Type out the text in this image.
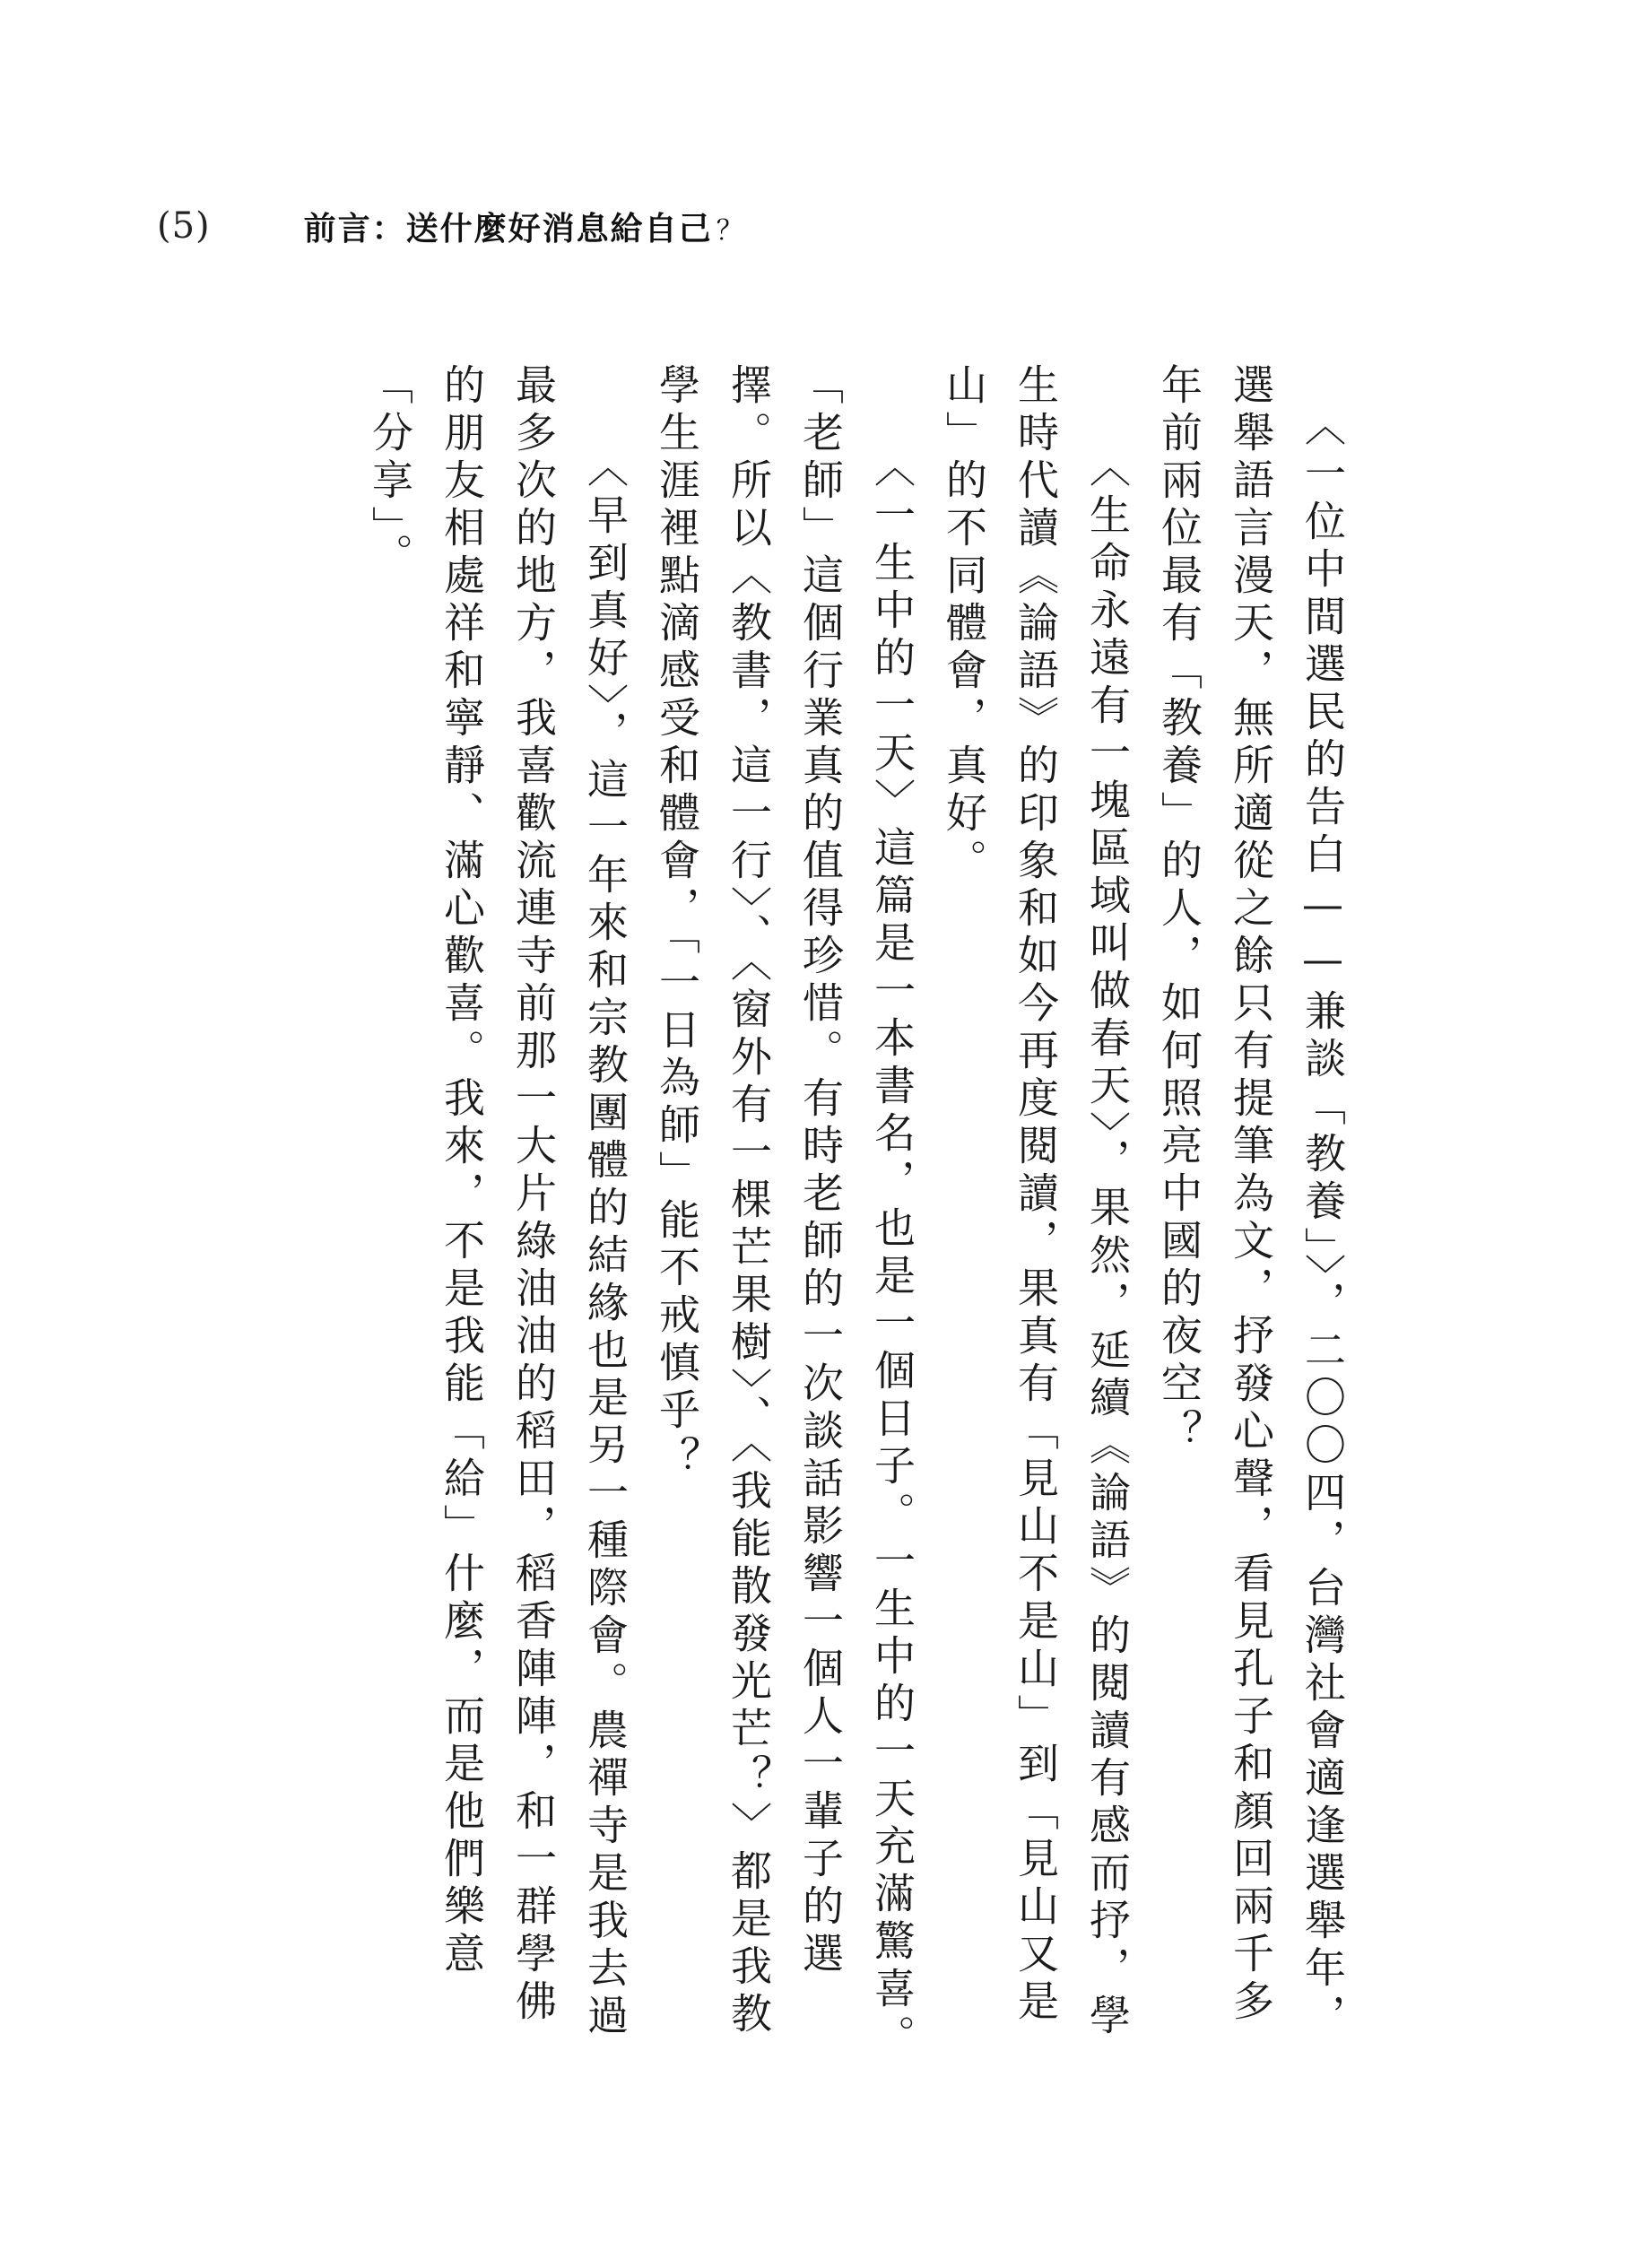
(5)	前言：送什麼好消息給自己 ？

〈一位中間選民的告白——兼談「教養」〉，二〇〇四，台灣社會適逢選舉年，選舉語言漫天，無所適從之餘只有提筆為文，抒發心聲，看見孔子和顏回兩千多年前兩位最有「教養」的人，如何照亮中國的夜空？

〈生命永遠有一塊區域叫做春天〉，果然，延續《論語》的閱讀有感而抒，學生時代讀《論語》的印象和如今再度閱讀，果真有「見山不是山」到「見山又是山」的不同體會，真好。

〈一生中的一天〉這篇是一本書名，也是一個日子。一生中的一天充滿驚喜。「老師」這個行業真的值得珍惜。有時老師的一次談話影響一個人一輩子的選擇。所以〈教書，這一行〉、〈窗外有一棵芒果樹〉、〈我能散發光芒？〉都是我教學生涯裡點滴感受和體會，「一日為師」能不戒慎乎？

〈早到真好〉，這一年來和宗教團體的結緣也是另一種際會。農禪寺是我去過最多次的地方，我喜歡流連寺前那一大片綠油油的稻田，稻香陣陣，和一群學佛的朋友相處祥和寧靜、滿心歡喜。我來，不是我能「給」什麼，而是他們樂意「分享」。
